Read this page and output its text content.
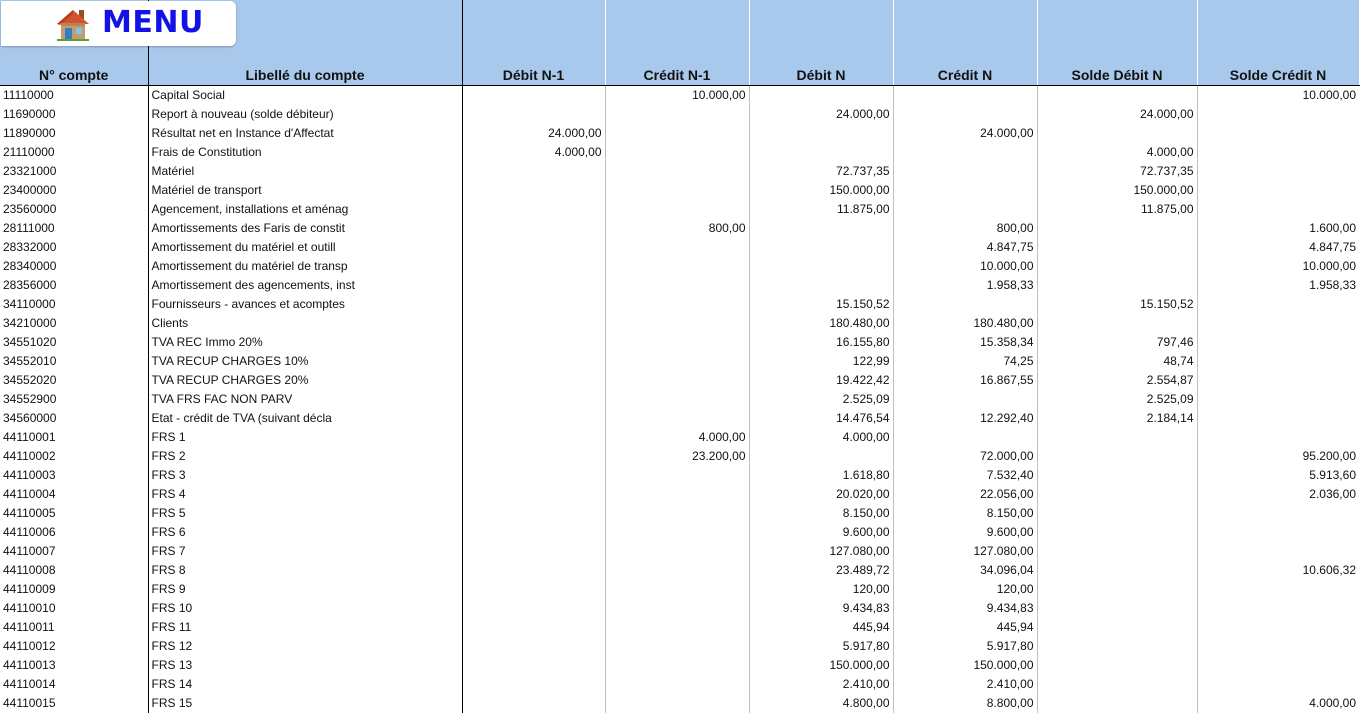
N° compte	Libellé du compte	Débit N-1	Crédit N-1	Débit N	Crédit N	Solde Débit N	Solde Crédit N
11110000	Capital Social		10.000,00				10.000,00
11690000	Report à nouveau (solde débiteur)			24.000,00		24.000,00	
11890000	Résultat net en Instance d'Affectat	24.000,00			24.000,00		
21110000	Frais de Constitution	4.000,00				4.000,00	
23321000	Matériel			72.737,35		72.737,35	
23400000	Matériel de transport			150.000,00		150.000,00	
23560000	Agencement, installations et aménag			11.875,00		11.875,00	
28111000	Amortissements des Faris de constit		800,00		800,00		1.600,00
28332000	Amortissement du matériel et outill				4.847,75		4.847,75
28340000	Amortissement du matériel de transp				10.000,00		10.000,00
28356000	Amortissement des agencements, inst				1.958,33		1.958,33
34110000	Fournisseurs - avances et acomptes			15.150,52		15.150,52	
34210000	Clients			180.480,00	180.480,00		
34551020	TVA REC Immo 20%			16.155,80	15.358,34	797,46	
34552010	TVA RECUP CHARGES 10%			122,99	74,25	48,74	
34552020	TVA RECUP CHARGES 20%			19.422,42	16.867,55	2.554,87	
34552900	TVA FRS FAC NON PARV			2.525,09		2.525,09	
34560000	Etat - crédit de TVA (suivant décla			14.476,54	12.292,40	2.184,14	
44110001	FRS 1		4.000,00	4.000,00			
44110002	FRS 2		23.200,00		72.000,00		95.200,00
44110003	FRS 3			1.618,80	7.532,40		5.913,60
44110004	FRS 4			20.020,00	22.056,00		2.036,00
44110005	FRS 5			8.150,00	8.150,00		
44110006	FRS 6			9.600,00	9.600,00		
44110007	FRS 7			127.080,00	127.080,00		
44110008	FRS 8			23.489,72	34.096,04		10.606,32
44110009	FRS 9			120,00	120,00		
44110010	FRS 10			9.434,83	9.434,83		
44110011	FRS 11			445,94	445,94		
44110012	FRS 12			5.917,80	5.917,80		
44110013	FRS 13			150.000,00	150.000,00		
44110014	FRS 14			2.410,00	2.410,00		
44110015	FRS 15			4.800,00	8.800,00		4.000,00
MENU
